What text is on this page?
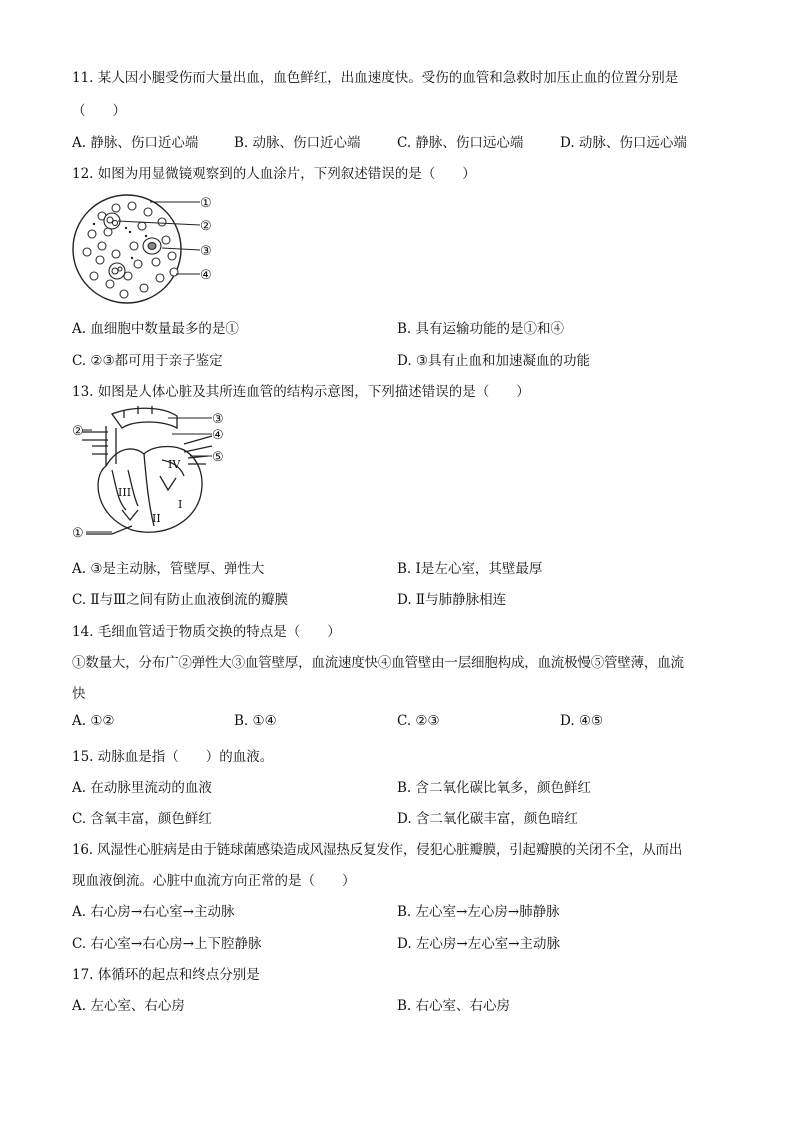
11. 某人因小腿受伤而大量出血，血色鲜红，出血速度快。受伤的血管和急救时加压止血的位置分别是
（　　）
A. 静脉、伤口近心端	B. 动脉、伤口近心端	C. 静脉、伤口远心端	D. 动脉、伤口远心端
12. 如图为用显微镜观察到的人血涂片，下列叙述错误的是（　　）
①
②
③
④
A. 血细胞中数量最多的是①	B. 具有运输功能的是①和④
C. ②③都可用于亲子鉴定	D. ③具有止血和加速凝血的功能
13. 如图是人体心脏及其所连血管的结构示意图，下列描述错误的是（　　）
③
②	④
⑤
①
I
II
III
IV
A. ③是主动脉，管壁厚、弹性大	B. Ⅰ是左心室，其壁最厚
C. Ⅱ与Ⅲ之间有防止血液倒流的瓣膜	D. Ⅱ与肺静脉相连
14. 毛细血管适于物质交换的特点是（　　）
①数量大，分布广②弹性大③血管壁厚，血流速度快④血管壁由一层细胞构成，血流极慢⑤管壁薄，血流
快
A. ①②	B. ①④	C. ②③	D. ④⑤
15. 动脉血是指（　　）的血液。
A. 在动脉里流动的血液	B. 含二氧化碳比氧多，颜色鲜红
C. 含氧丰富，颜色鲜红	D. 含二氧化碳丰富，颜色暗红
16. 风湿性心脏病是由于链球菌感染造成风湿热反复发作，侵犯心脏瓣膜，引起瓣膜的关闭不全，从而出
现血液倒流。心脏中血流方向正常的是（　　）
A. 右心房→右心室→主动脉	B. 左心室→左心房→肺静脉
C. 右心室→右心房→上下腔静脉	D. 左心房→左心室→主动脉
17. 体循环的起点和终点分别是
A. 左心室、右心房	B. 右心室、右心房
